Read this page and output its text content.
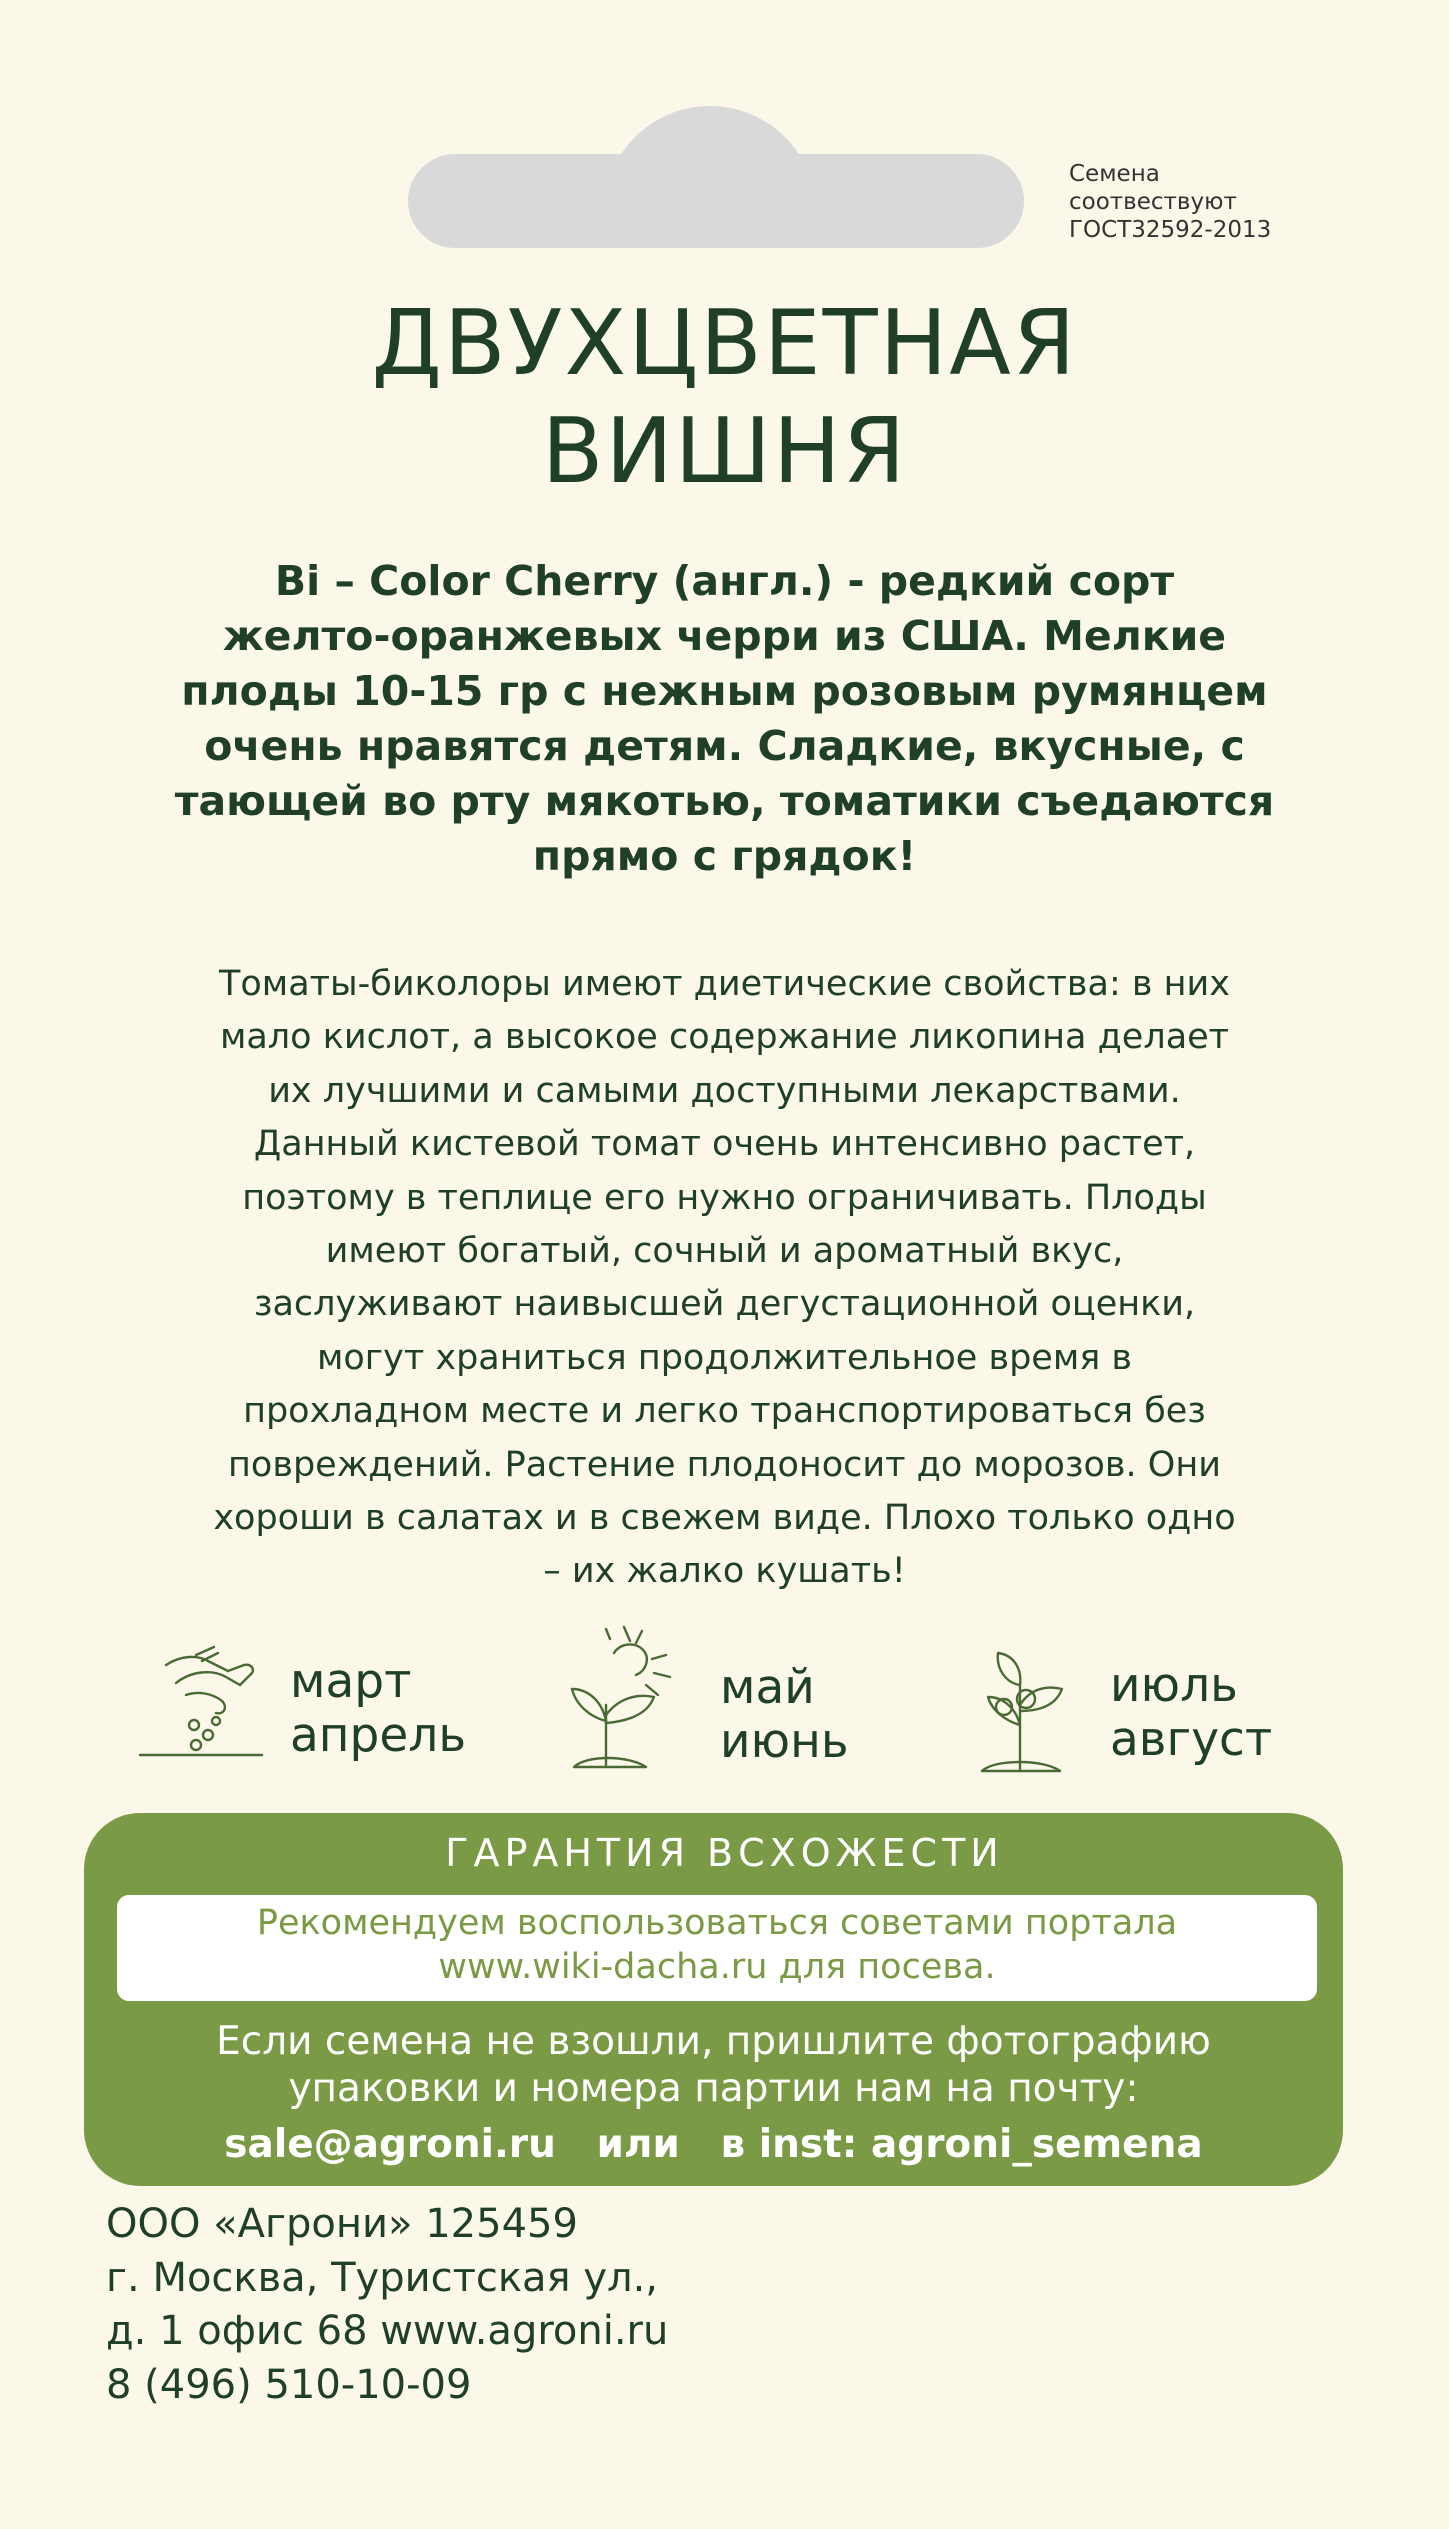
Семена
соотвествуют
ГОСТ32592-2013
ДВУХЦВЕТНАЯ
ВИШНЯ
Bi – Color Cherry (англ.) - редкий сорт
желто-оранжевых черри из США. Мелкие
плоды 10-15 гр с нежным розовым румянцем
очень нравятся детям. Сладкие, вкусные, с
тающей во рту мякотью, томатики съедаются
прямо с грядок!
Томаты-биколоры имеют диетические свойства: в них
мало кислот, а высокое содержание ликопина делает
их лучшими и самыми доступными лекарствами.
Данный кистевой томат очень интенсивно растет,
поэтому в теплице его нужно ограничивать. Плоды
имеют богатый, сочный и ароматный вкус,
заслуживают наивысшей дегустационной оценки,
могут храниться продолжительное время в
прохладном месте и легко транспортироваться без
повреждений. Растение плодоносит до морозов. Они
хороши в салатах и в свежем виде. Плохо только одно
– их жалко кушать!
март
апрель
май
июнь
июль
август
ГАРАНТИЯ ВСХОЖЕСТИ
Рекомендуем воспользоваться советами портала
www.wiki-dacha.ru для посева.
Если семена не взошли, пришлите фотографию
упаковки и номера партии нам на почту:
sale@agroni.ru или в inst: agroni_semena
ООО «Агрони» 125459
г. Москва, Туристская ул.,
д. 1 офис 68 www.agroni.ru
8 (496) 510-10-09
